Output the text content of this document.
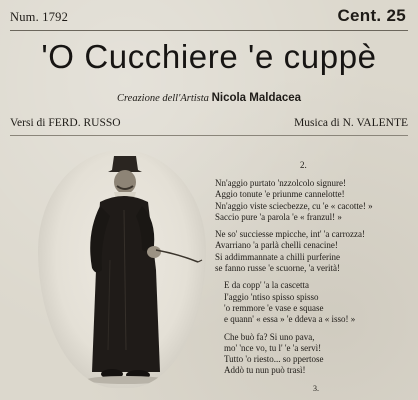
Num. 1792	Cent. 25
'O Cucchiere 'e cuppè
Creazione dell'Artista Nicola Maldacea
Versi di FERD. RUSSO	Musica di N. VALENTE
2.
Nn'aggio purtato 'nzzolcolo signure!
Aggio tonute 'e priunme cannelotte!
Nn'aggio viste sciecbezze, cu 'e « cacotte! »
Saccio pure 'a parola 'e « franzul! »
Ne so' succiesse mpicche, int' 'a carrozza!
Avarriano 'a parlà chelli cenacine!
Si addimmannate a chilli purferine
se fanno russe 'e scuorne, 'a verità!
E da copp' 'a la cascetta
I'aggio 'ntiso spisso spisso
'o remmore 'e vase e squase
e quann' « essa » 'e ddeva a « isso! »
Che buò fa? Si uno pava,
mo' 'nce vo, tu l' 'e 'a servì!
Tutto 'o riesto... so ppertose
Addò tu nun può trasì!
3.
